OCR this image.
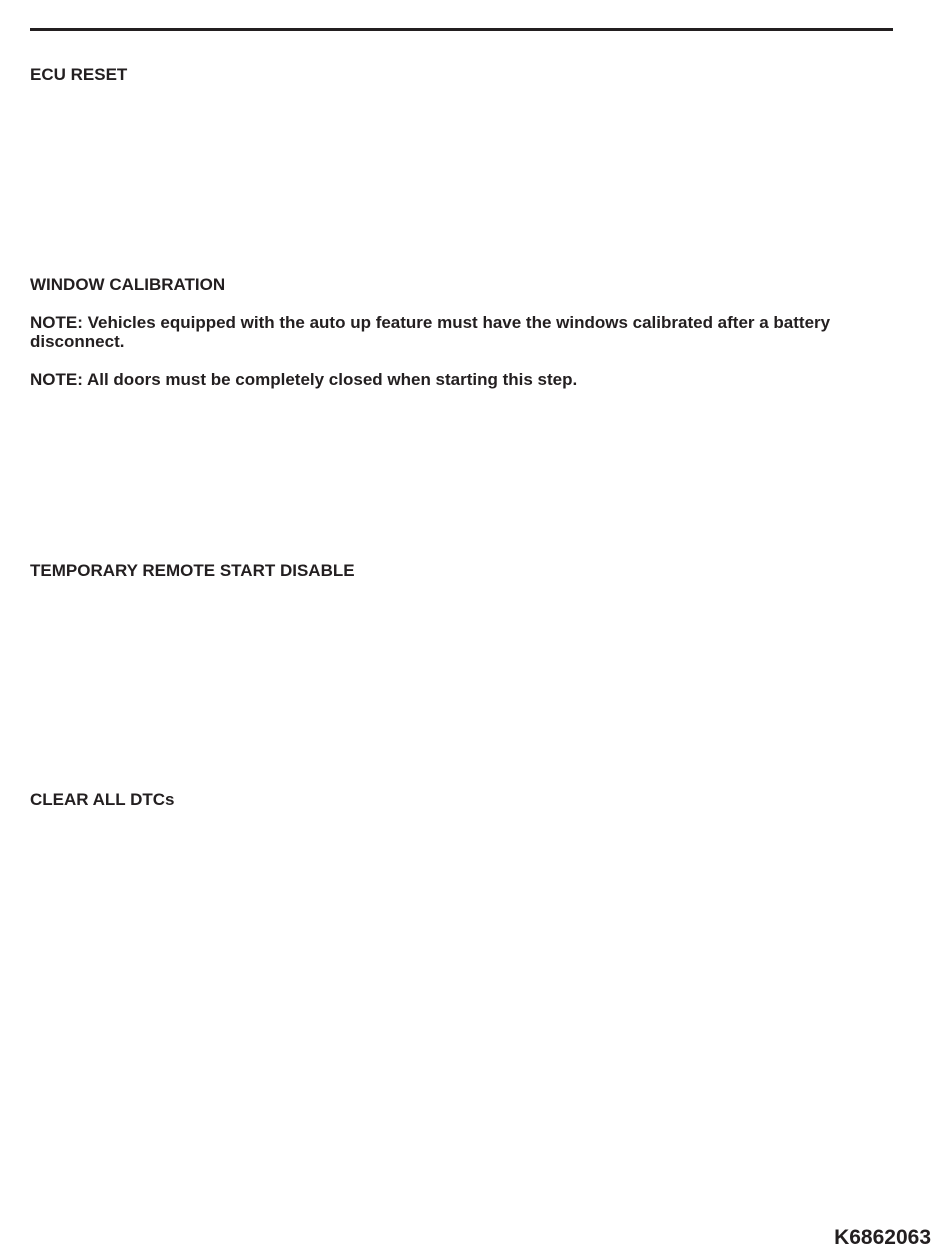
ECU RESET
WINDOW CALIBRATION
NOTE: Vehicles equipped with the auto up feature must have the windows calibrated after a battery disconnect.
NOTE: All doors must be completely closed when starting this step.
TEMPORARY REMOTE START DISABLE
CLEAR ALL DTCs
K6862063
